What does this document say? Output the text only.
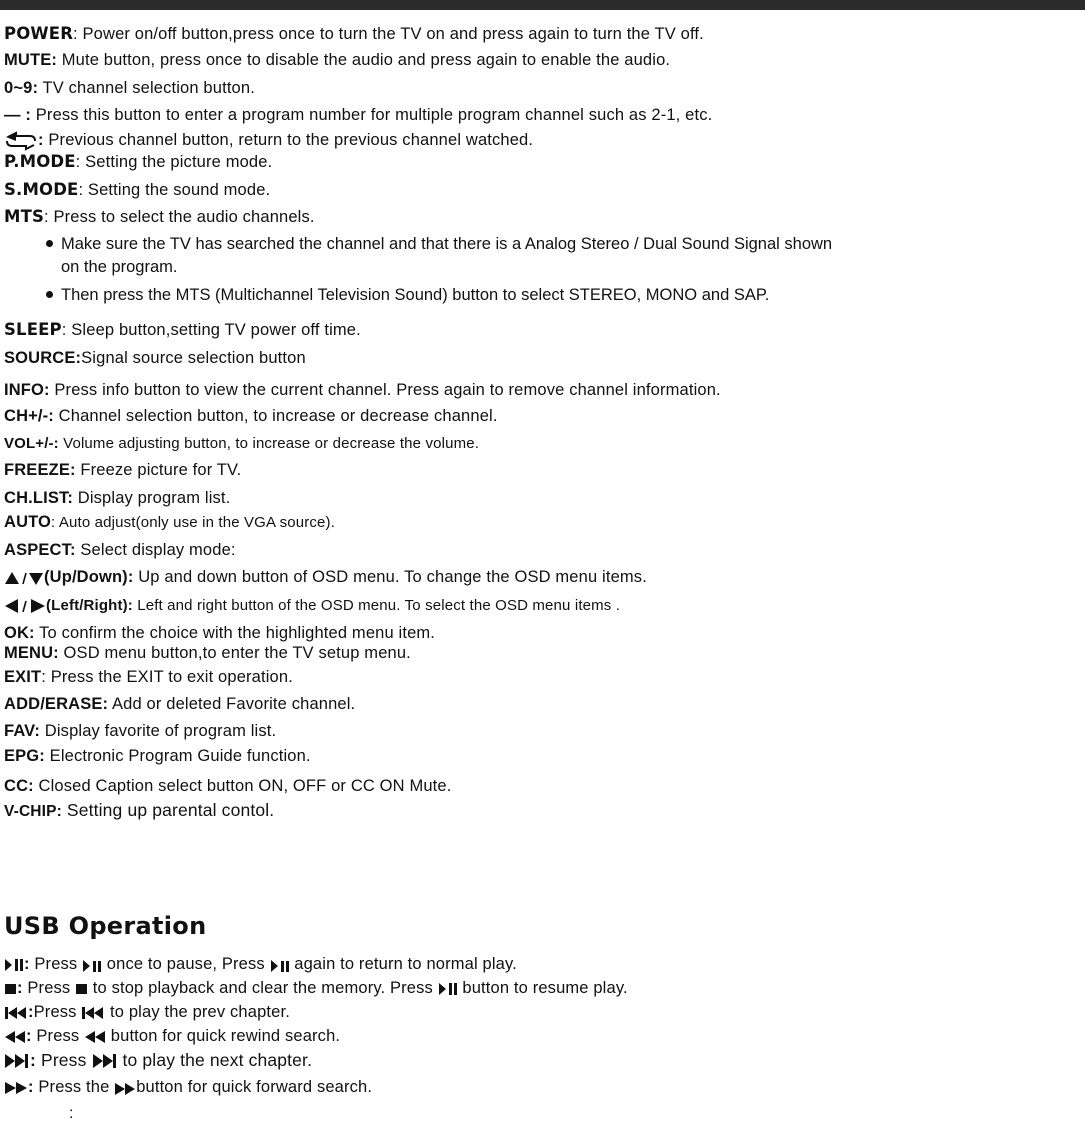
POWER: Power on/off button,press once to turn the TV on and press again to turn the TV off.
MUTE: Mute button, press once to disable the audio and press again to enable the audio.
0~9: TV channel selection button.
— : Press this button to enter a program number for multiple program channel such as 2-1, etc.
: Previous channel button, return to the previous channel watched.
P.MODE: Setting the picture mode.
S.MODE: Setting the sound mode.
MTS: Press to select the audio channels.
Make sure the TV has searched the channel and that there is a Analog Stereo / Dual Sound Signal shown
on the program.
Then press the MTS (Multichannel Television Sound) button to select STEREO, MONO and SAP.
SLEEP: Sleep button,setting TV power off time.
SOURCE:Signal source selection button
INFO: Press info button to view the current channel. Press again to remove channel information.
CH+/-: Channel selection button, to increase or decrease channel.
VOL+/-: Volume adjusting button, to increase or decrease the volume.
FREEZE: Freeze picture for TV.
CH.LIST: Display program list.
AUTO: Auto adjust(only use in the VGA source).
ASPECT: Select display mode:
(Up/Down): Up and down button of OSD menu. To change the OSD menu items.
(Left/Right): Left and right button of the OSD menu. To select the OSD menu items .
OK: To confirm the choice with the highlighted menu item.
MENU: OSD menu button,to enter the TV setup menu.
EXIT: Press the EXIT to exit operation.
ADD/ERASE: Add or deleted Favorite channel.
FAV: Display favorite of program list.
EPG: Electronic Program Guide function.
CC: Closed Caption select button ON, OFF or CC ON Mute.
V-CHIP: Setting up parental contol.
USB Operation
: Press  once to pause, Press  again to return to normal play.
: Press  to stop playback and clear the memory. Press  button to resume play.
:Press  to play the prev chapter.
: Press  button for quick rewind search.
: Press  to play the next chapter.
: Press the button for quick forward search.
:
